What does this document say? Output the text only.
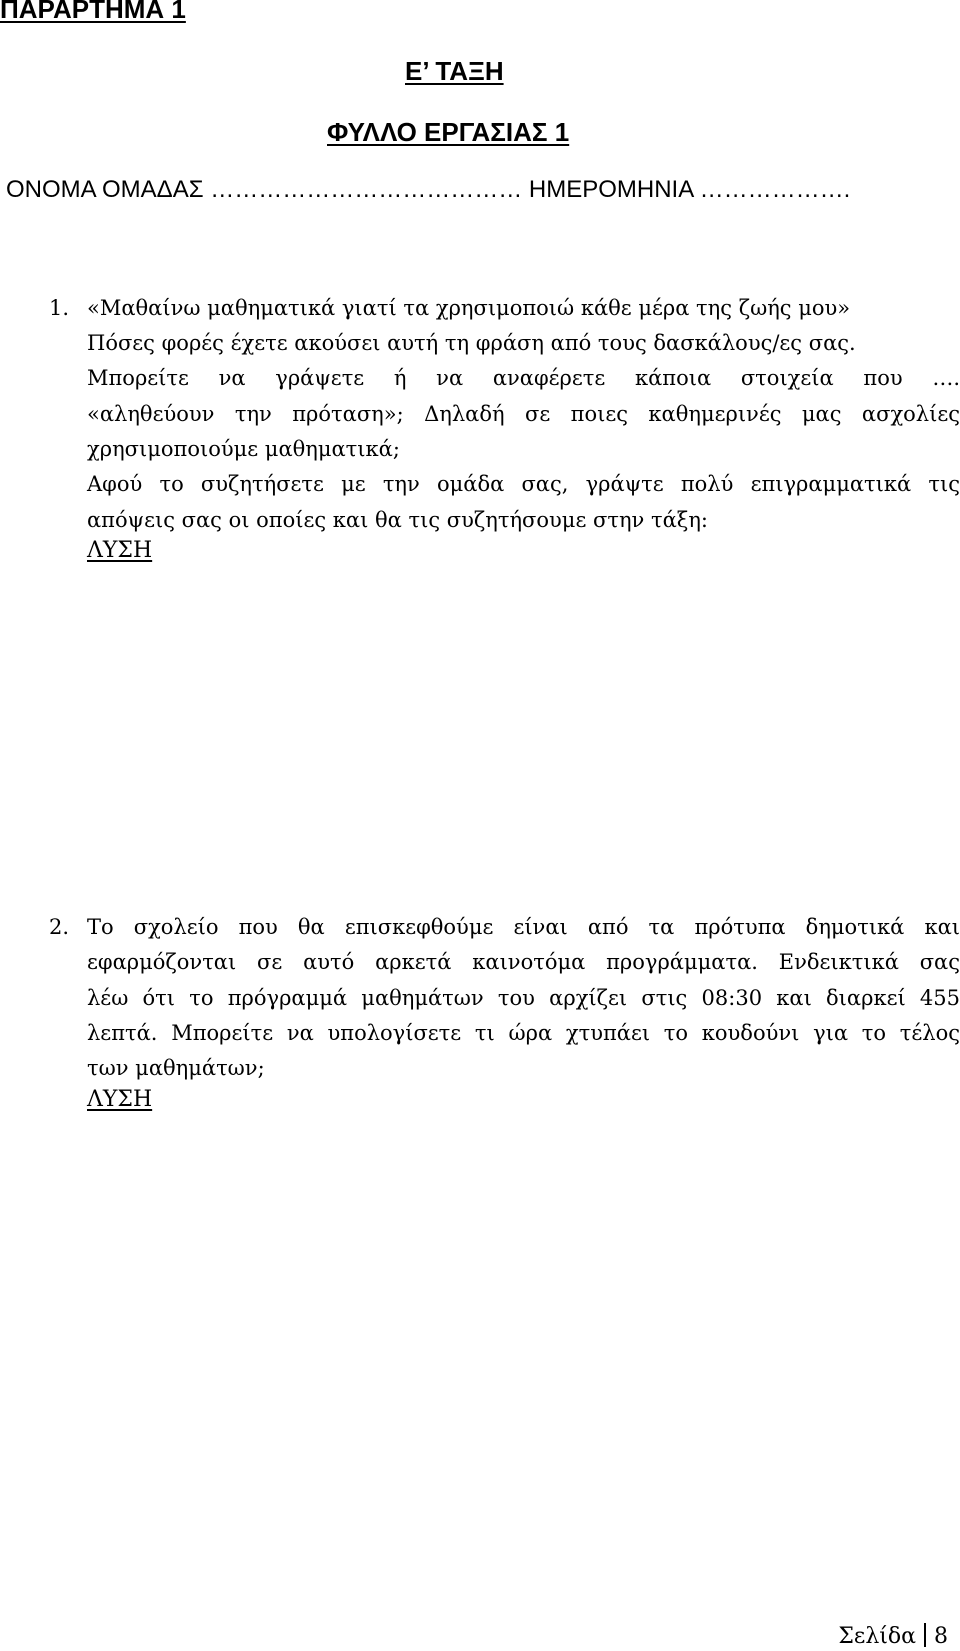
ΠΑΡΑΡΤΗΜΑ 1
Ε’ ΤΑΞΗ
ΦΥΛΛΟ ΕΡΓΑΣΙΑΣ 1
ΟΝΟΜΑ ΟΜΑΔΑΣ ………………………………… ΗΜΕΡΟΜΗΝΙΑ ……………….
1. «Μαθαίνω μαθηματικά γιατί τα χρησιμοποιώ κάθε μέρα της ζωής μου»

Πόσες φορές έχετε ακούσει αυτή τη φράση από τους δασκάλους/ες σας.

Μπορείτε να γράψετε ή να αναφέρετε κάποια στοιχεία που ….

«αληθεύουν την πρόταση»; Δηλαδή σε ποιες καθημερινές μας ασχολίες

χρησιμοποιούμε μαθηματικά;

Αφού το συζητήσετε με την ομάδα σας, γράψτε πολύ επιγραμματικά τις

απόψεις σας οι οποίες και θα τις συζητήσουμε στην τάξη:

ΛΥΣΗ
2. Το σχολείο που θα επισκεφθούμε είναι από τα πρότυπα δημοτικά και

εφαρμόζονται σε αυτό αρκετά καινοτόμα προγράμματα. Ενδεικτικά σας

λέω ότι το πρόγραμμά μαθημάτων του αρχίζει στις 08:30 και διαρκεί 455

λεπτά. Μπορείτε να υπολογίσετε τι ώρα χτυπάει το κουδούνι για το τέλος

των μαθημάτων;

ΛΥΣΗ
Σελίδα 8
